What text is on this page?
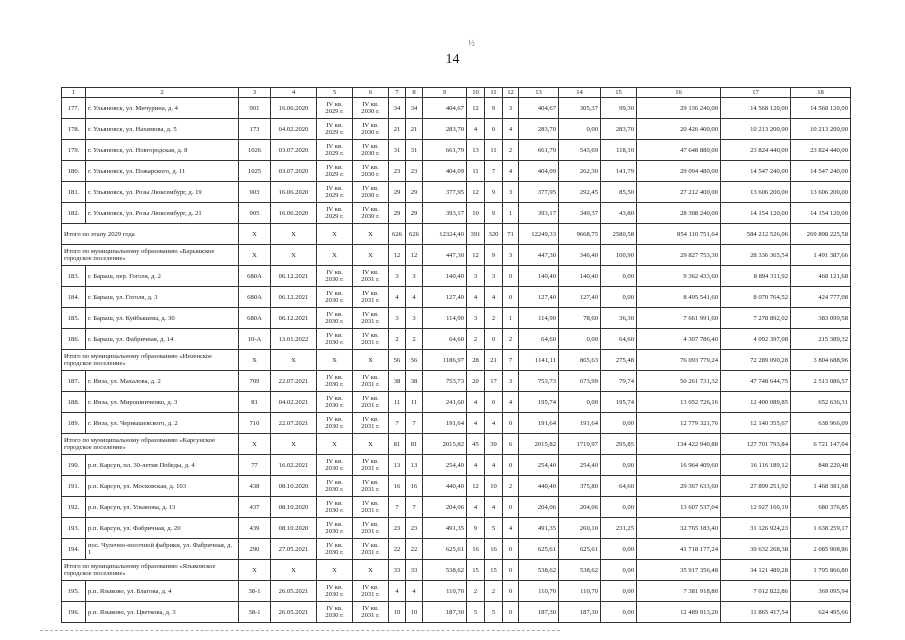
½
14
1	2	3	4	5	6	7	8	9	10	11	12	13	14	15	16	17	18
177.	г. Ульяновск, ул. Мичурина, д. 4	901	16.06.2020	IV кв. 2029 г.	IV кв. 2030 г.	34	34	404,67	12	9	3	404,67	305,37	99,30	29 136 240,00	14 568 120,00	14 568 120,00
178.	г. Ульяновск, ул. Нахимова, д. 5	173	04.02.2020	IV кв. 2029 г.	IV кв. 2030 г.	21	21	283,70	4	0	4	283,70	0,00	283,70	20 426 400,00	10 213 200,00	10 213 200,00
179.	г. Ульяновск, ул. Новгородская, д. 8	1026	03.07.2020	IV кв. 2029 г.	IV кв. 2030 г.	31	31	661,79	13	11	2	661,79	543,69	118,10	47 648 880,00	23 824 440,00	23 824 440,00
180.	г. Ульяновск, ул. Пожарского, д. 11	1025	03.07.2020	IV кв. 2029 г.	IV кв. 2030 г.	23	23	404,09	11	7	4	404,09	262,30	141,79	29 094 480,00	14 547 240,00	14 547 240,00
181.	г. Ульяновск, ул. Розы Люксембург, д. 19	903	16.06.2020	IV кв. 2029 г.	IV кв. 2030 г.	29	29	377,95	12	9	3	377,95	292,45	85,50	27 212 400,00	13 606 200,00	13 606 200,00
182.	г. Ульяновск, ул. Розы Люксембург, д. 21	905	16.06.2020	IV кв. 2029 г.	IV кв. 2030 г.	29	29	393,17	10	9	1	393,17	349,37	43,80	28 308 240,00	14 154 120,00	14 154 120,00
Итого по этапу 2029 года		X	X	X	X	626	626	12324,40	391	320	71	12249,33	9668,75	2580,58	854 110 751,64	584 212 526,06	269 898 225,58
Итого по муниципальному образованию «Барышское городское поселение»		X	X	X	X	12	12	447,30	12	9	3	447,30	346,40	100,90	29 827 753,30	28 336 365,54	1 491 387,66
183.	г. Барыш, пер. Гоголя, д. 2	680А	06.12.2021	IV кв. 2030 г.	IV кв. 2031 г.	3	3	140,40	3	3	0	140,40	140,40	0,00	9 362 433,60	8 894 311,92	468 121,68
184.	г. Барыш, ул. Гоголя, д. 3	680А	06.12.2021	IV кв. 2030 г.	IV кв. 2031 г.	4	4	127,40	4	4	0	127,40	127,40	0,00	8 495 541,60	8 070 764,52	424 777,08
185.	г. Барыш, ул. Куйбышева, д. 30	680А	06.12.2021	IV кв. 2030 г.	IV кв. 2031 г.	3	3	114,90	3	2	1	114,90	78,60	36,30	7 661 991,60	7 278 892,02	383 099,58
186.	г. Барыш, ул. Фабричная, д. 14	10-А	13.01.2022	IV кв. 2030 г.	IV кв. 2031 г.	2	2	64,60	2	0	2	64,60	0,00	64,60	4 307 786,40	4 092 397,08	215 389,32
Итого по муниципальному образованию «Инзенское городское поселение»		X	X	X	X	56	56	1186,97	28	21	7	1141,11	865,63	275,48	76 093 779,24	72 289 090,28	3 804 688,96
187.	г. Инза, ул. Махалова, д. 2	709	22.07.2021	IV кв. 2030 г.	IV кв. 2031 г.	38	38	753,73	20	17	3	753,73	673,99	79,74	50 261 731,32	47 748 644,75	2 513 086,57
188.	г. Инза, ул. Мирошниченко, д. 3	81	04.02.2021	IV кв. 2030 г.	IV кв. 2031 г.	11	11	241,60	4	0	4	195,74	0,00	195,74	13 052 726,16	12 400 089,85	652 636,31
189.	г. Инза, ул. Чернышевского, д. 2	710	22.07.2021	IV кв. 2030 г.	IV кв. 2031 г.	7	7	191,64	4	4	0	191,64	191,64	0,00	12 779 321,76	12 140 355,67	638 966,09
Итого по муниципальному образованию «Карсунское городское поселение»		X	X	X	X	81	81	2015,82	45	39	6	2015,82	1719,97	295,85	134 422 940,88	127 701 793,84	6 721 147,04
190.	р.п. Карсун, пл. 30-летия Победы, д. 4	77	16.02.2021	IV кв. 2030 г.	IV кв. 2031 г.	13	13	254,40	4	4	0	254,40	254,40	0,00	16 964 409,60	16 116 189,12	848 220,48
191.	р.п. Карсун, ул. Московская, д. 103	438	08.10.2020	IV кв. 2030 г.	IV кв. 2031 г.	16	16	440,40	12	10	2	440,40	375,80	64,60	29 367 633,60	27 899 251,92	1 468 381,68
192.	р.п. Карсун, ул. Ульянова, д. 13	437	08.10.2020	IV кв. 2030 г.	IV кв. 2031 г.	7	7	204,06	4	4	0	204,06	204,06	0,00	13 607 537,04	12 927 160,19	680 376,85
193.	р.п. Карсун, ул. Фабричная, д. 20	439	08.10.2020	IV кв. 2030 г.	IV кв. 2031 г.	23	23	491,35	9	5	4	491,35	260,10	231,25	32 765 183,40	31 126 924,23	1 638 259,17
194.	пос. Чулочно-носочной фабрики, ул. Фабричная, д. 1	290	27.05.2021	IV кв. 2030 г.	IV кв. 2031 г.	22	22	625,61	16	16	0	625,61	625,61	0,00	41 718 177,24	39 632 268,38	2 085 908,86
Итого по муниципальному образованию «Языковское городское поселение»		X	X	X	X	33	33	538,62	15	15	0	538,62	538,62	0,00	35 917 356,48	34 121 489,28	1 795 866,80
195.	р.п. Языково, ул. Благова, д. 4	38-1	26.05.2021	IV кв. 2030 г.	IV кв. 2031 г.	4	4	110,70	2	2	0	110,70	110,70	0,00	7 381 918,80	7 012 822,86	369 095,94
196.	р.п. Языково, ул. Цветкова, д. 3	38-1	26.05.2021	IV кв. 2030 г.	IV кв. 2031 г.	10	10	187,30	5	5	0	187,30	187,30	0,00	12 489 913,20	11 865 417,54	624 495,66
